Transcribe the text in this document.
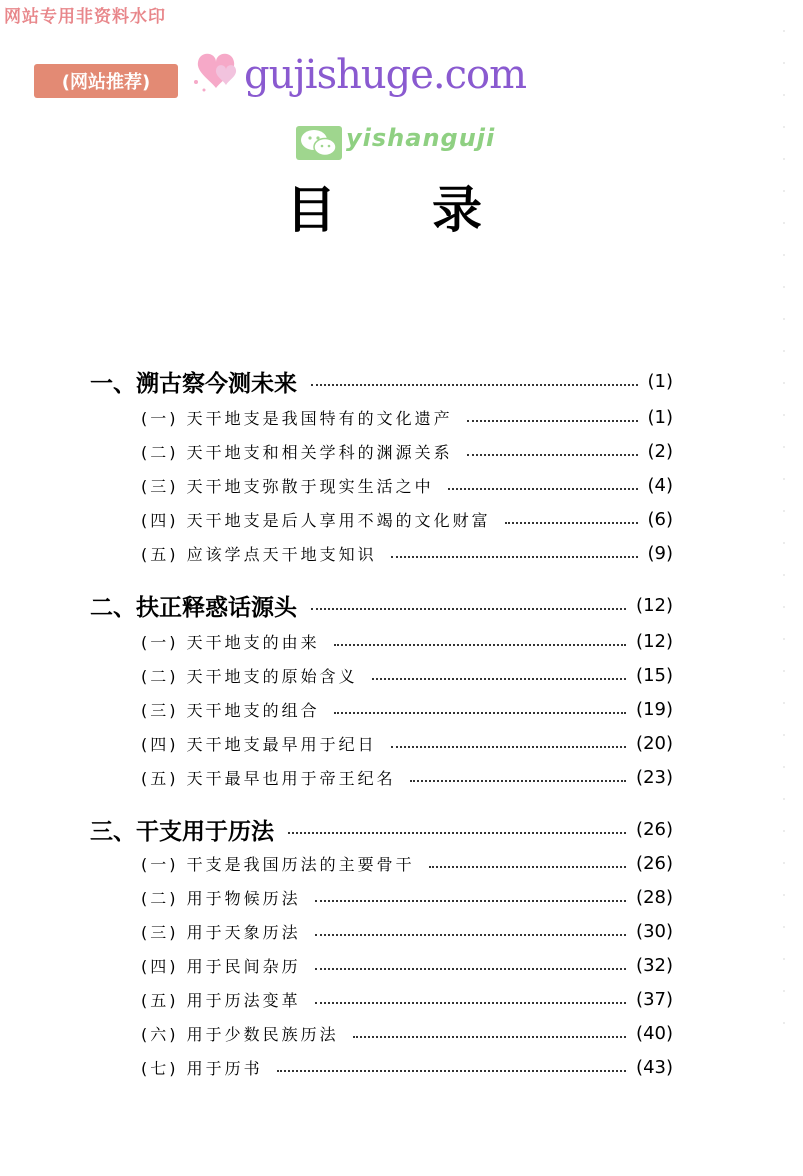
网站专用非资料水印
(网站推荐)	gujishuge.com
yishanguji
目录
一、溯古察今测未来	(1)
(一) 天干地支是我国特有的文化遗产	(1)
(二) 天干地支和相关学科的渊源关系	(2)
(三) 天干地支弥散于现实生活之中	(4)
(四) 天干地支是后人享用不竭的文化财富	(6)
(五) 应该学点天干地支知识	(9)
二、扶正释惑话源头	(12)
(一) 天干地支的由来	(12)
(二) 天干地支的原始含义	(15)
(三) 天干地支的组合	(19)
(四) 天干地支最早用于纪日	(20)
(五) 天干最早也用于帝王纪名	(23)
三、干支用于历法	(26)
(一) 干支是我国历法的主要骨干	(26)
(二) 用于物候历法	(28)
(三) 用于天象历法	(30)
(四) 用于民间杂历	(32)
(五) 用于历法变革	(37)
(六) 用于少数民族历法	(40)
(七) 用于历书	(43)
